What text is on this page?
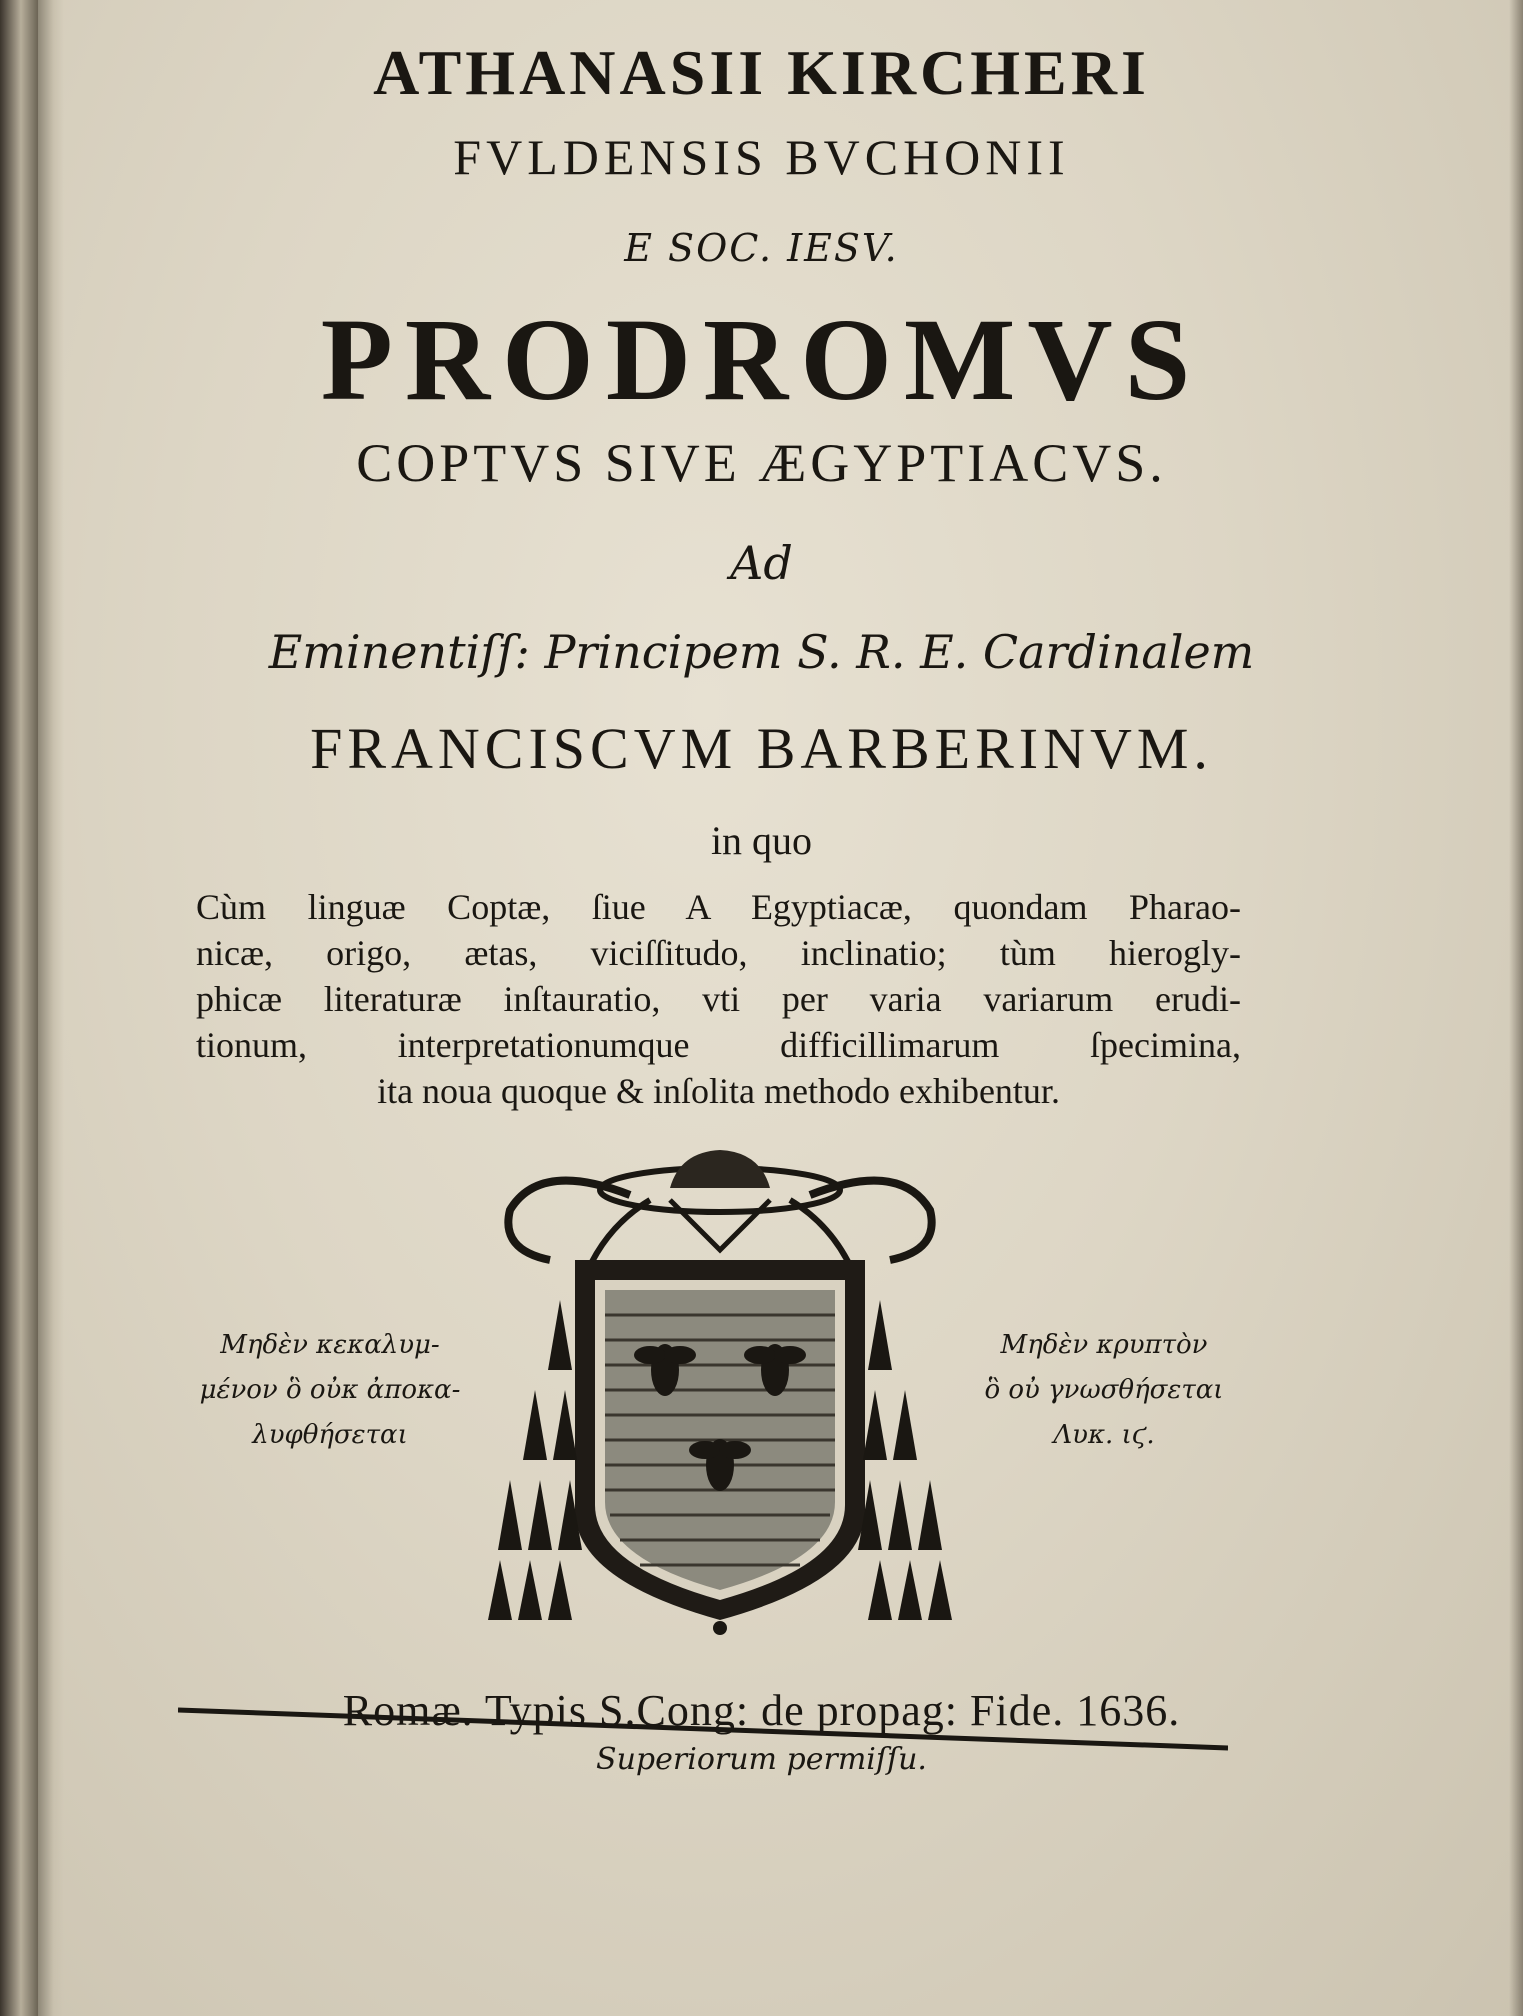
ATHANASII KIRCHERI
FVLDENSIS BVCHONII
E SOC. IESV.
PRODROMVS
COPTVS SIVE ÆGYPTIACVS.
Ad
Eminentiſſ: Principem S. R. E. Cardinalem
FRANCISCVM BARBERINVM.
in quo
Cùm linguæ Coptæ, ſiue A Egyptiacæ, quondam Pharao-
nicæ, origo, ætas, viciſſitudo, inclinatio; tùm hierogly-
phicæ literaturæ inſtauratio, vti per varia variarum erudi-
tionum, interpretationumque difficillimarum ſpecimina,
ita noua quoque & inſolita methodo exhibentur.
Μηδὲν κεκαλυμ-
μένον ὃ οὐκ ἀποκα-
λυφθήσεται
Μηδὲν κρυπτὸν
ὃ οὐ γνωσθήσεται
Λυκ. ιϛ.
Romæ. Typis S.Cong: de propag: Fide. 1636.
Superiorum permiſſu.
